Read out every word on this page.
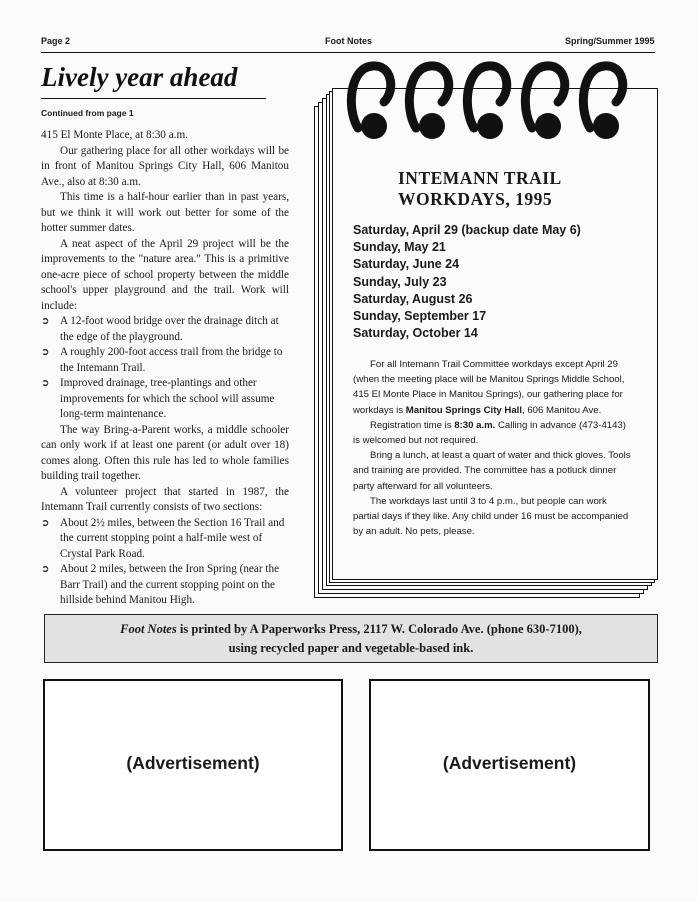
Page 2	Foot Notes	Spring/Summer 1995
Lively year ahead
Continued from page 1

415 El Monte Place, at 8:30 a.m.

Our gathering place for all other workdays will be in front of Manitou Springs City Hall, 606 Manitou Ave., also at 8:30 a.m.

This time is a half-hour earlier than in past years, but we think it will work out better for some of the hotter summer dates.

A neat aspect of the April 29 project will be the improvements to the "nature area." This is a primitive one-acre piece of school property between the middle school's upper playground and the trail. Work will include:

➲ A 12-foot wood bridge over the drainage ditch at the edge of the playground.
➲ A roughly 200-foot access trail from the bridge to the Intemann Trail.
➲ Improved drainage, tree-plantings and other improvements for which the school will assume long-term maintenance.

The way Bring-a-Parent works, a middle schooler can only work if at least one parent (or adult over 18) comes along. Often this rule has led to whole families building trail together.

A volunteer project that started in 1987, the Intemann Trail currently consists of two sections:

➲ About 2½ miles, between the Section 16 Trail and the current stopping point a half-mile west of Crystal Park Road.
➲ About 2 miles, between the Iron Spring (near the Barr Trail) and the current stopping point on the hillside behind Manitou High.
INTEMANN TRAIL WORKDAYS, 1995
Saturday, April 29 (backup date May 6)
Sunday, May 21
Saturday, June 24
Sunday, July 23
Saturday, August 26
Sunday, September 17
Saturday, October 14

For all Intemann Trail Committee workdays except April 29 (when the meeting place will be Manitou Springs Middle School, 415 El Monte Place in Manitou Springs), our gathering place for workdays is Manitou Springs City Hall, 606 Manitou Ave.

Registration time is 8:30 a.m. Calling in advance (473-4143) is welcomed but not required.

Bring a lunch, at least a quart of water and thick gloves. Tools and training are provided. The committee has a potluck dinner party afterward for all volunteers.

The workdays last until 3 to 4 p.m., but people can work partial days if they like. Any child under 16 must be accompanied by an adult. No pets, please.

Foot Notes is printed by A Paperworks Press, 2117 W. Colorado Ave. (phone 630-7100),
using recycled paper and vegetable-based ink.
(Advertisement)	(Advertisement)
